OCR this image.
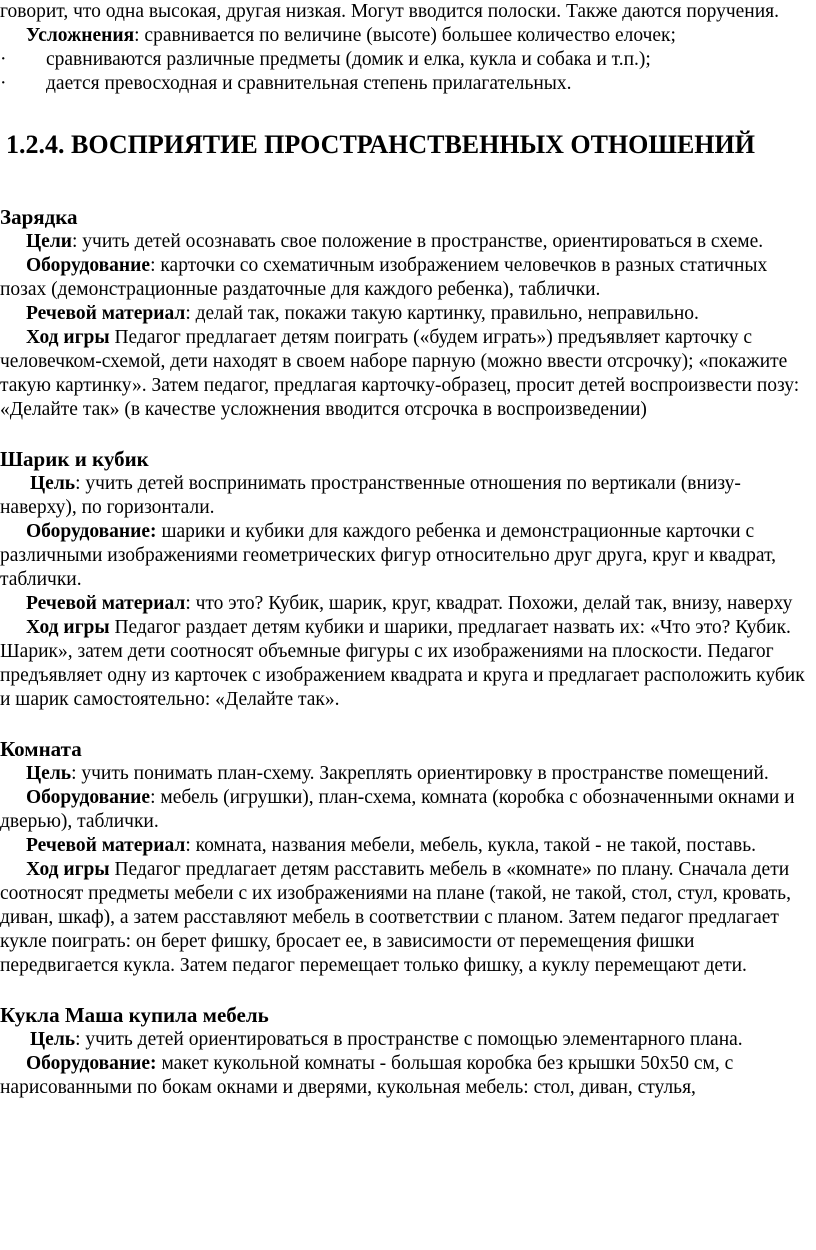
говорит, что одна высокая, другая низкая. Могут вводится полоски. Также даются поручения.

Усложнения: сравнивается по величине (высоте) большее количество елочек;

·	сравниваются различные предметы (домик и елка, кукла и собака и т.п.);
·	дается превосходная и сравнительная степень прилагательных.
1.2.4. ВОСПРИЯТИЕ ПРОСТРАНСТВЕННЫХ ОТНОШЕНИЙ
Зарядка

Цели: учить детей осознавать свое положение в пространстве, ориентироваться в схеме.

Оборудование: карточки со схематичным изображением человечков в разных статичных позах (демонстрационные раздаточные для каждого ребенка), таблички.

Речевой материал: делай так, покажи такую картинку, правильно, неправильно.

Ход игры Педагог предлагает детям поиграть («будем играть») предъявляет карточку с человечком-схемой, дети находят в своем наборе парную (можно ввести отсрочку); «покажите такую картинку». Затем педагог, предлагая карточку-образец, просит детей воспроизвести позу: «Делайте так» (в качестве усложнения вводится отсрочка в воспроизведении)

Шарик и кубик

Цель: учить детей воспринимать пространственные отношения по вертикали (внизу-наверху), по горизонтали.

Оборудование: шарики и кубики для каждого ребенка и демонстрационные карточки с различными изображениями геометрических фигур относительно друг друга, круг и квадрат, таблички.

Речевой материал: что это? Кубик, шарик, круг, квадрат. Похожи, делай так, внизу, наверху

Ход игры Педагог раздает детям кубики и шарики, предлагает назвать их: «Что это? Кубик. Шарик», затем дети соотносят объемные фигуры с их изображениями на плоскости. Педагог предъявляет одну из карточек с изображением квадрата и круга и предлагает расположить кубик и шарик самостоятельно: «Делайте так».

Комната

Цель: учить понимать план-схему. Закреплять ориентировку в пространстве помещений.

Оборудование: мебель (игрушки), план-схема, комната (коробка с обозначенными окнами и дверью), таблички.

Речевой материал: комната, названия мебели, мебель, кукла, такой - не такой, поставь.

Ход игры Педагог предлагает детям расставить мебель в «комнате» по плану. Сначала дети соотносят предметы мебели с их изображениями на плане (такой, не такой, стол, стул, кровать, диван, шкаф), а затем расставляют мебель в соответствии с планом. Затем педагог предлагает кукле поиграть: он берет фишку, бросает ее, в зависимости от перемещения фишки передвигается кукла. Затем педагог перемещает только фишку, а куклу перемещают дети.

Кукла Маша купила мебель

Цель: учить детей ориентироваться в пространстве с помощью элементарного плана.

Оборудование: макет кукольной комнаты - большая коробка без крышки 50х50 см, с нарисованными по бокам окнами и дверями, кукольная мебель: стол, диван, стулья,
